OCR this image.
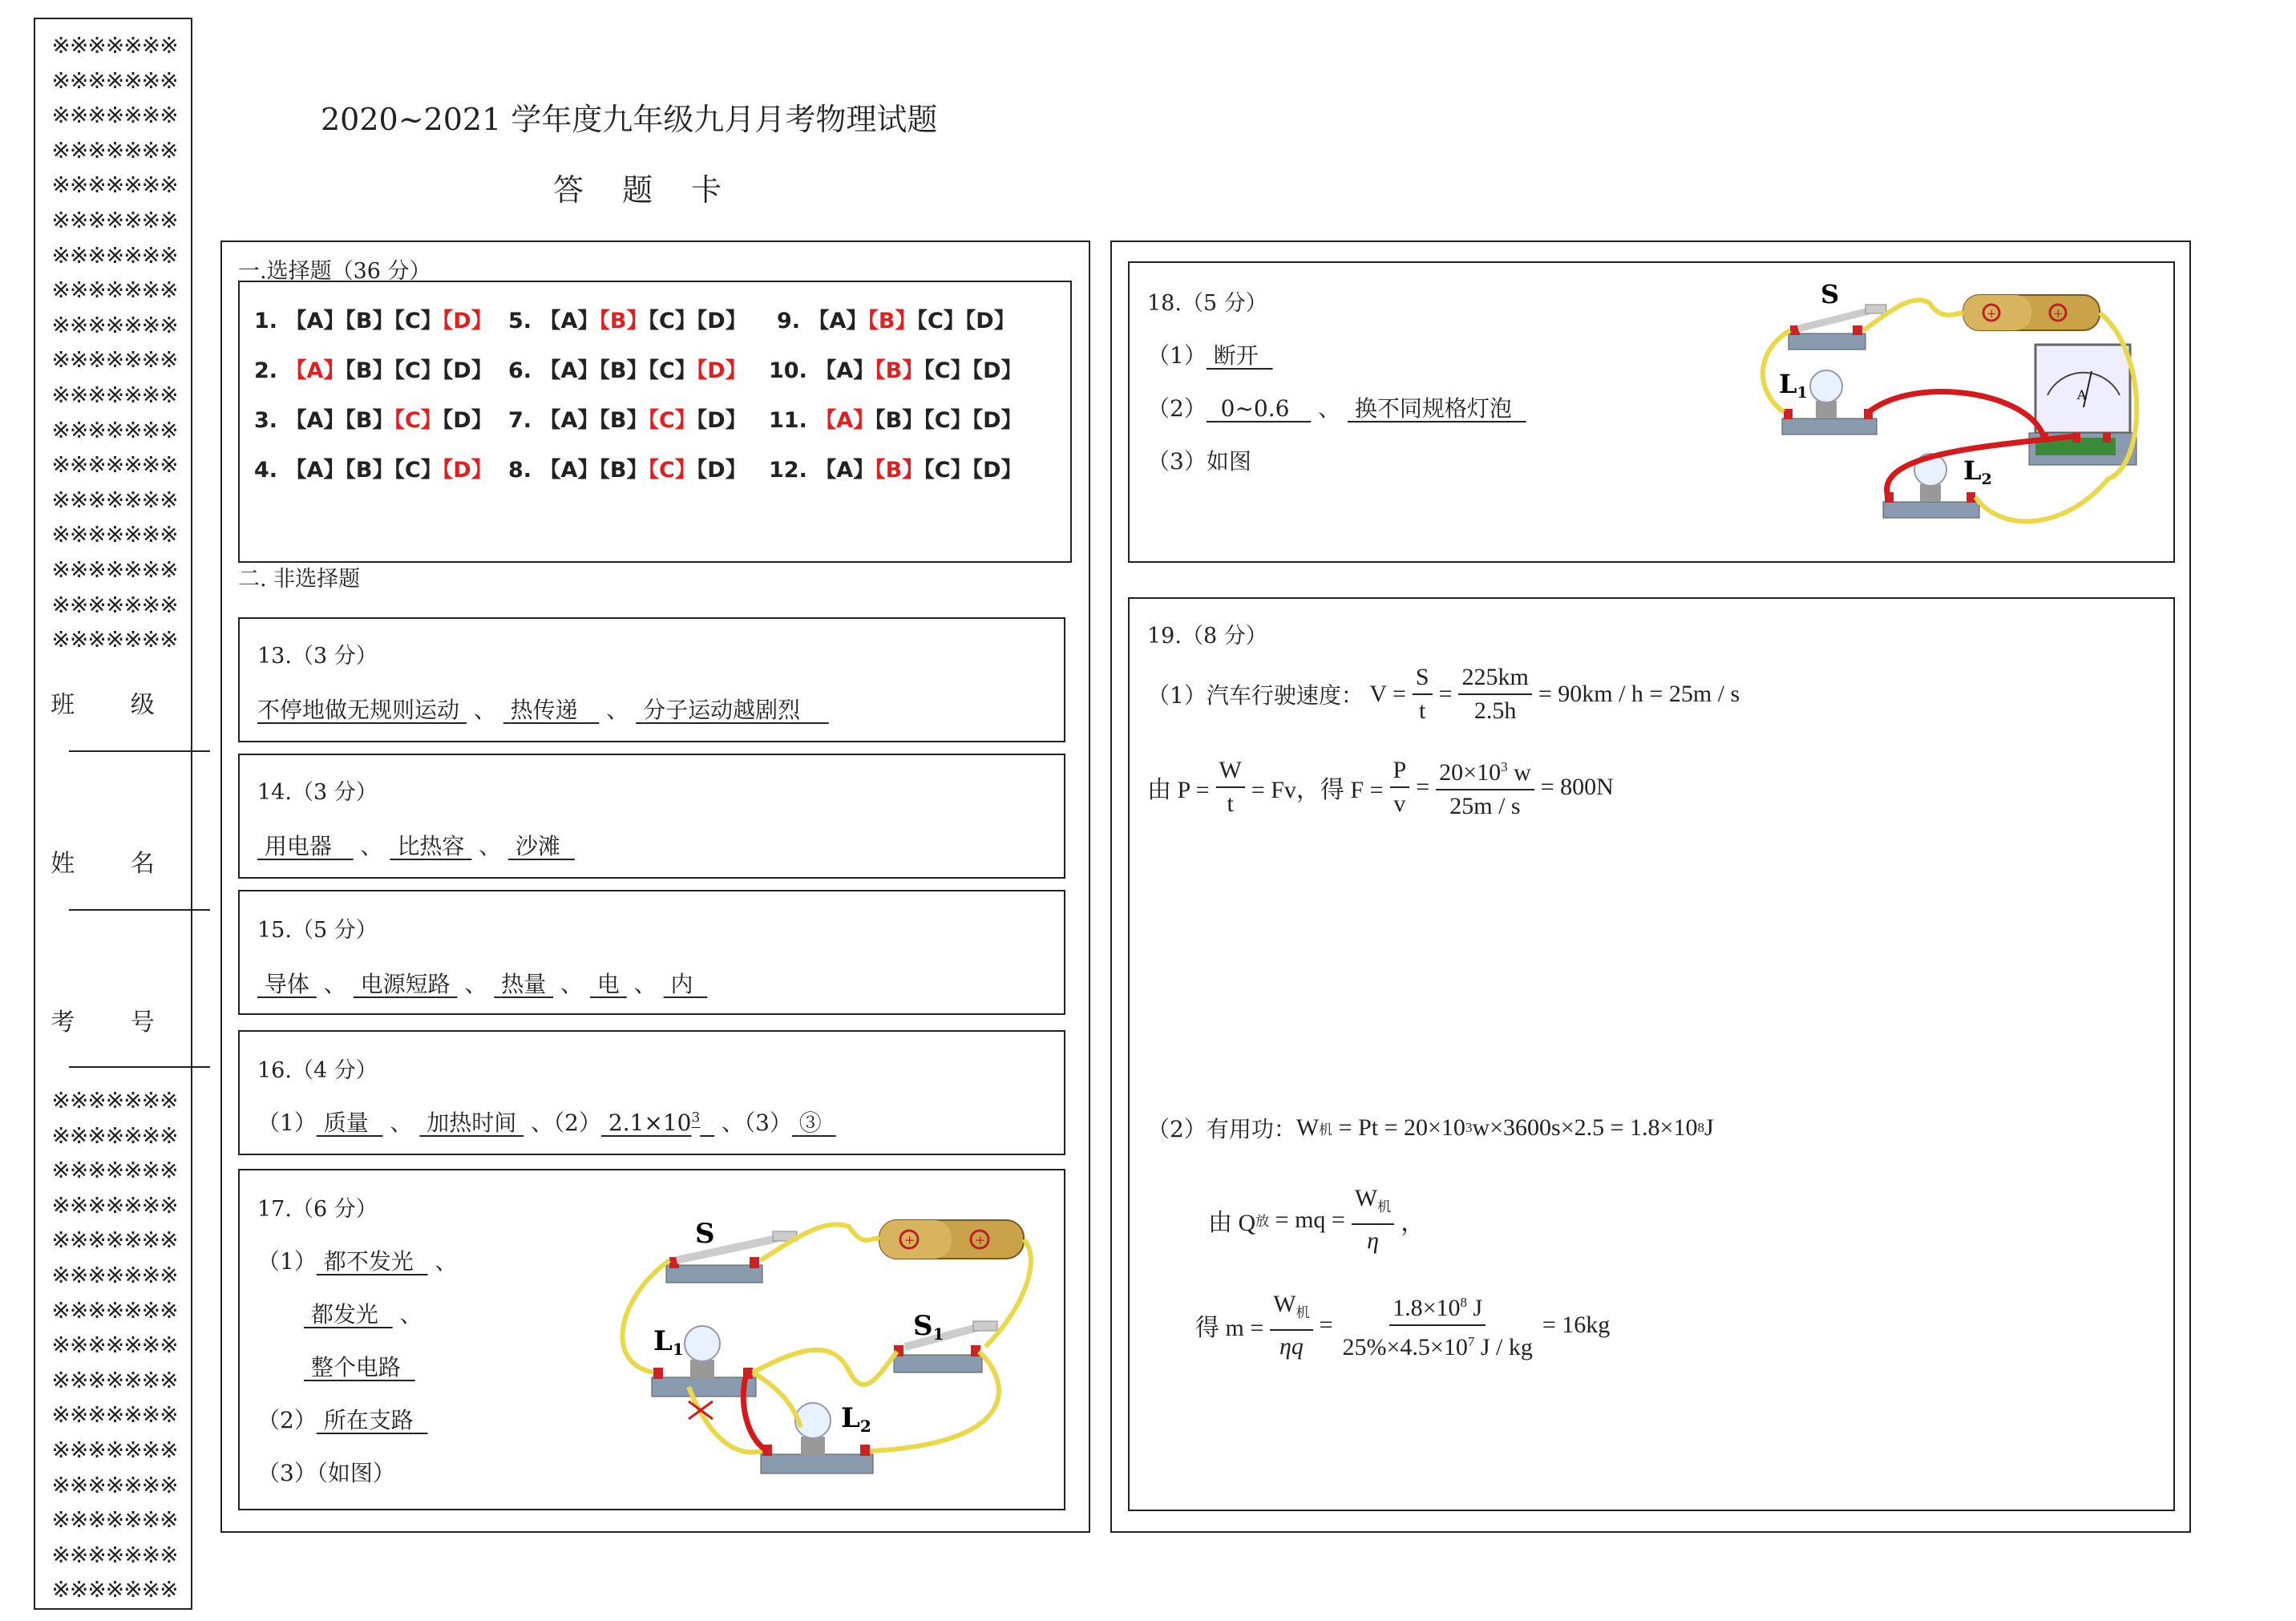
※※※※※※※
※※※※※※※
※※※※※※※
※※※※※※※
※※※※※※※
※※※※※※※
※※※※※※※
※※※※※※※
※※※※※※※
※※※※※※※
※※※※※※※
※※※※※※※
※※※※※※※
※※※※※※※
※※※※※※※
※※※※※※※
※※※※※※※
※※※※※※※
班 级
姓 名
考 号
※※※※※※※
※※※※※※※
※※※※※※※
※※※※※※※
※※※※※※※
※※※※※※※
※※※※※※※
※※※※※※※
※※※※※※※
※※※※※※※
※※※※※※※
※※※※※※※
※※※※※※※
※※※※※※※
※※※※※※※
2020~2021 学年度九年级九月月考物理试题
答 题 卡
一.选择题（36 分）
1. 【A】【B】【C】【D】
2. 【A】【B】【C】【D】
3. 【A】【B】【C】【D】
4. 【A】【B】【C】【D】
5. 【A】【B】【C】【D】
6. 【A】【B】【C】【D】
7. 【A】【B】【C】【D】
8. 【A】【B】【C】【D】
9. 【A】【B】【C】【D】
10. 【A】【B】【C】【D】
11. 【A】【B】【C】【D】
12. 【A】【B】【C】【D】
二. 非选择题
13.（3 分）
不停地做无规则运动 、 热传递 、 分子运动越剧烈
14.（3 分）
用电器 、 比热容 、 沙滩
15.（5 分）
导体 、 电源短路 、 热量 、 电 、 内
16.（4 分）
（1） 质量 、 加热时间 、（2） $2.1\times 10^3$ 、（3） ③
17.（6 分）
（1） 都不发光 、
都发光 、
整个电路
（2） 所在支路
（3）（如图）
+	+
S
S1
L1
L2
18.（5 分）
（1） 断开
（2） 0~0.6 、 换不同规格灯泡
（3）如图
+	+
S
A
L1
L2
19.（8 分）
（1）汽车行驶速度：
$V = \frac{S}{t} = \frac{225km}{2.5h} = 90km / h = 25m / s$
由 $P = \frac{W}{t} = Fv$，得 $F = \frac{P}{v} = \frac{20\times 10^3 w}{25m / s} = 800N$
（2）有用功： W 机
= Pt = 20×10 3 w×3600s×2.5 = 1.8×10 8 J
由 Q 放
= mq = $\frac{W_机}{\eta}$ ，
得 $m = \frac{W_机}{\eta q} = \frac{1.8\times 10^8 J}{25\%\times 4.5\times 10^7 J / kg} = 16kg$
